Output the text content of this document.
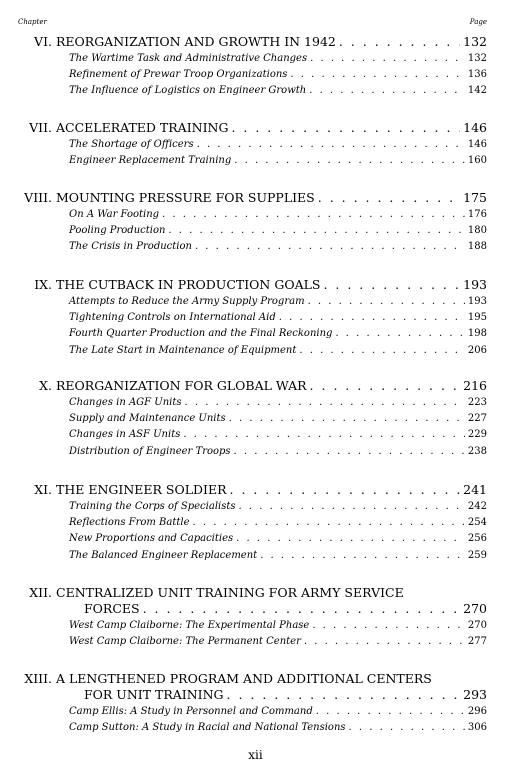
Chapter	Page
VI. REORGANIZATION AND GROWTH IN 1942 . . .	132
The Wartime Task and Administrative Changes . . .	132
Refinement of Prewar Troop Organizations . . .	136
The Influence of Logistics on Engineer Growth . . .	142
VII. ACCELERATED TRAINING . . .	146
The Shortage of Officers . . .	146
Engineer Replacement Training . . .	160
VIII. MOUNTING PRESSURE FOR SUPPLIES . . .	175
On A War Footing . . .	176
Pooling Production . . .	180
The Crisis in Production . . .	188
IX. THE CUTBACK IN PRODUCTION GOALS . . .	193
Attempts to Reduce the Army Supply Program . . .	193
Tightening Controls on International Aid . . .	195
Fourth Quarter Production and the Final Reckoning . . .	198
The Late Start in Maintenance of Equipment . . .	206
X. REORGANIZATION FOR GLOBAL WAR . . .	216
Changes in AGF Units . . .	223
Supply and Maintenance Units . . .	227
Changes in ASF Units . . .	229
Distribution of Engineer Troops . . .	238
XI. THE ENGINEER SOLDIER . . .	241
Training the Corps of Specialists . . .	242
Reflections From Battle . . .	254
New Proportions and Capacities . . .	256
The Balanced Engineer Replacement . . .	259
XII. CENTRALIZED UNIT TRAINING FOR ARMY SERVICE
FORCES . . .	270
West Camp Claiborne: The Experimental Phase . . .	270
West Camp Claiborne: The Permanent Center . . .	277
XIII. A LENGTHENED PROGRAM AND ADDITIONAL CENTERS
FOR UNIT TRAINING . . .	293
Camp Ellis: A Study in Personnel and Command . . .	296
Camp Sutton: A Study in Racial and National Tensions . . .	306
xii
